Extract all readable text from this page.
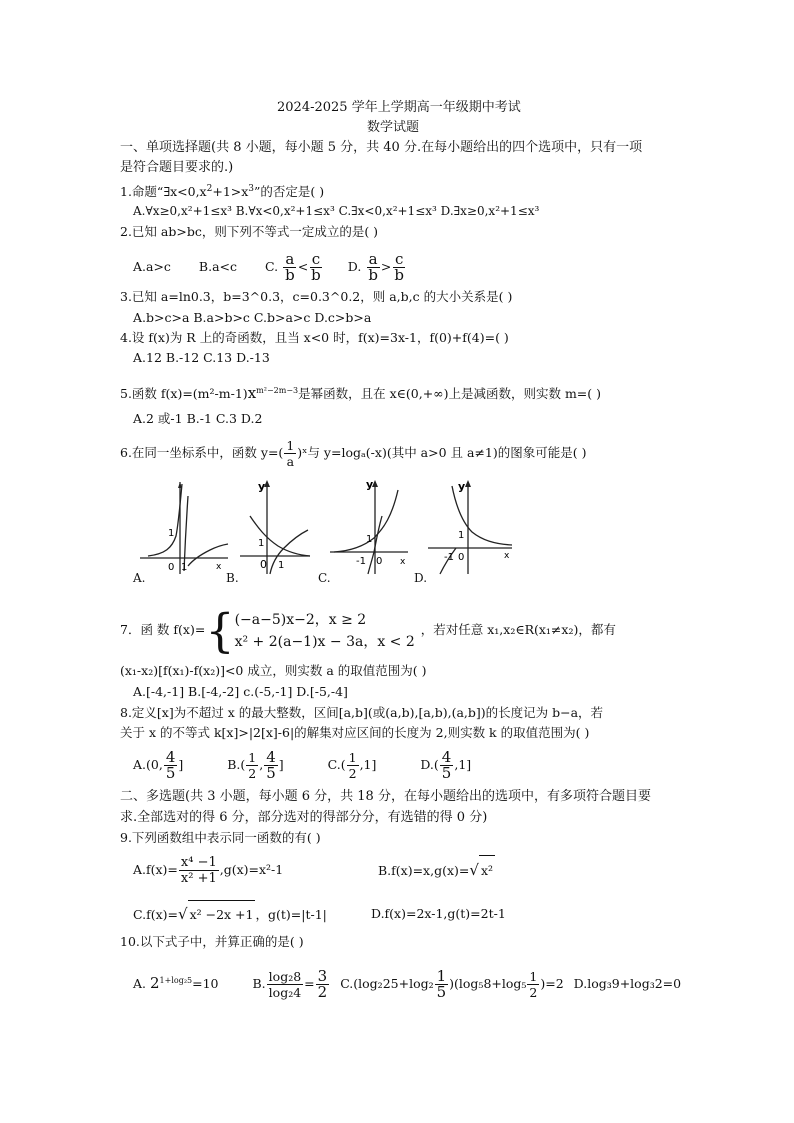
2024-2025 学年上学期高一年级期中考试
数学试题
一、单项选择题(共 8 小题，每小题 5 分，共 40 分.在每小题给出的四个选项中，只有一项
是符合题目要求的.)
1.命题“$\exists x<0,x^2+1>x^3$”的否定是( )
A.∀x≥0,x²+1≤x³ B.∀x<0,x²+1≤x³ C.∃x<0,x²+1≤x³ D.∃x≥0,x²+1≤x³
2.已知 ab>bc，则下列不等式一定成立的是( )
A.a>c B.a<c C. $\frac{a}{b} < \frac{c}{b} D$. $\frac{a}{b} > \frac{c}{b}$
3.已知 a=ln0.3，b=3^0.3，c=0.3^0.2，则 a,b,c 的大小关系是( )
A.b>c>a B.a>b>c C.b>a>c D.c>b>a
4.设 f(x)为 R 上的奇函数，且当 x<0 时，f(x)=3x-1，f(0)+f(4)=( )
A.12 B.-12 C.13 D.-13
5.函数 $f(x)=(m^2-m-1)x^{m^2-2m-3}$是幂函数，且在 x∈(0,+∞)上是减函数，则实数 m=( )
A.2 或-1 B.-1 C.3 D.2
6.在同一坐标系中，函数 $y=( \frac{1}{a}$ )ˣ与 y=logₐ(-x)(其中 a>0 且 a≠1)的图象可能是( )
1
0 1	x
y
0 1
1
y
-1 0
1
x
y
-1 0
1
x
A.	B.	C.	D.
7．函 数 f(x)={ (−a−5)x−2，x ≥ 2
x² + 2(a−1)x − 3a，x < 2
，若对任意 x₁,x₂∈R(x₁≠x₂)，都有
(x₁-x₂)[f(x₁)-f(x₂)]<0 成立，则实数 a 的取值范围为( )
A.[-4,-1] B.[-4,-2] c.(-5,-1] D.[-5,-4]
8.定义[x]为不超过 x 的最大整数，区间[a,b](或(a,b),[a,b),(a,b])的长度记为 b−a，若
关于 x 的不等式 k[x]>|2[x]-6|的解集对应区间的长度为 2,则实数 k 的取值范围为( )
A.(0, $\frac{4}{5}$ ]	$B.( \frac{1}{2}$ , $\frac{4}{5}$ ]	$C.( \frac{1}{2} ,1]$	$D.( \frac{4}{5} ,1]$
二、多选题(共 3 小题，每小题 6 分，共 18 分，在每小题给出的选项中，有多项符合题目要
求.全部选对的得 6 分，部分选对的得部分分，有选错的得 0 分)
9.下列函数组中表示同一函数的有( )
$A.f(x)= \frac{\text{x⁴ −1}}{\text{x² +1}} ,g(x)=x^2-1$	B.f(x)=x,g(x)=√ x²
C.f(x)=√ x² −2x +1 ，g(t)=|t-1|	D.f(x)=2x-1,g(t)=2t-1
10.以下式子中，并算正确的是( )
A. $2^{1+log_25}=10$	B. $\frac{\text{log₂8}}{\text{log₂4}} = \frac{3}{2} C.(\log_225+\log_2 \frac{1}{5} )(\log_58+\log_5 \frac{1}{2} )=2$ D.log₃9+log₃2=0
